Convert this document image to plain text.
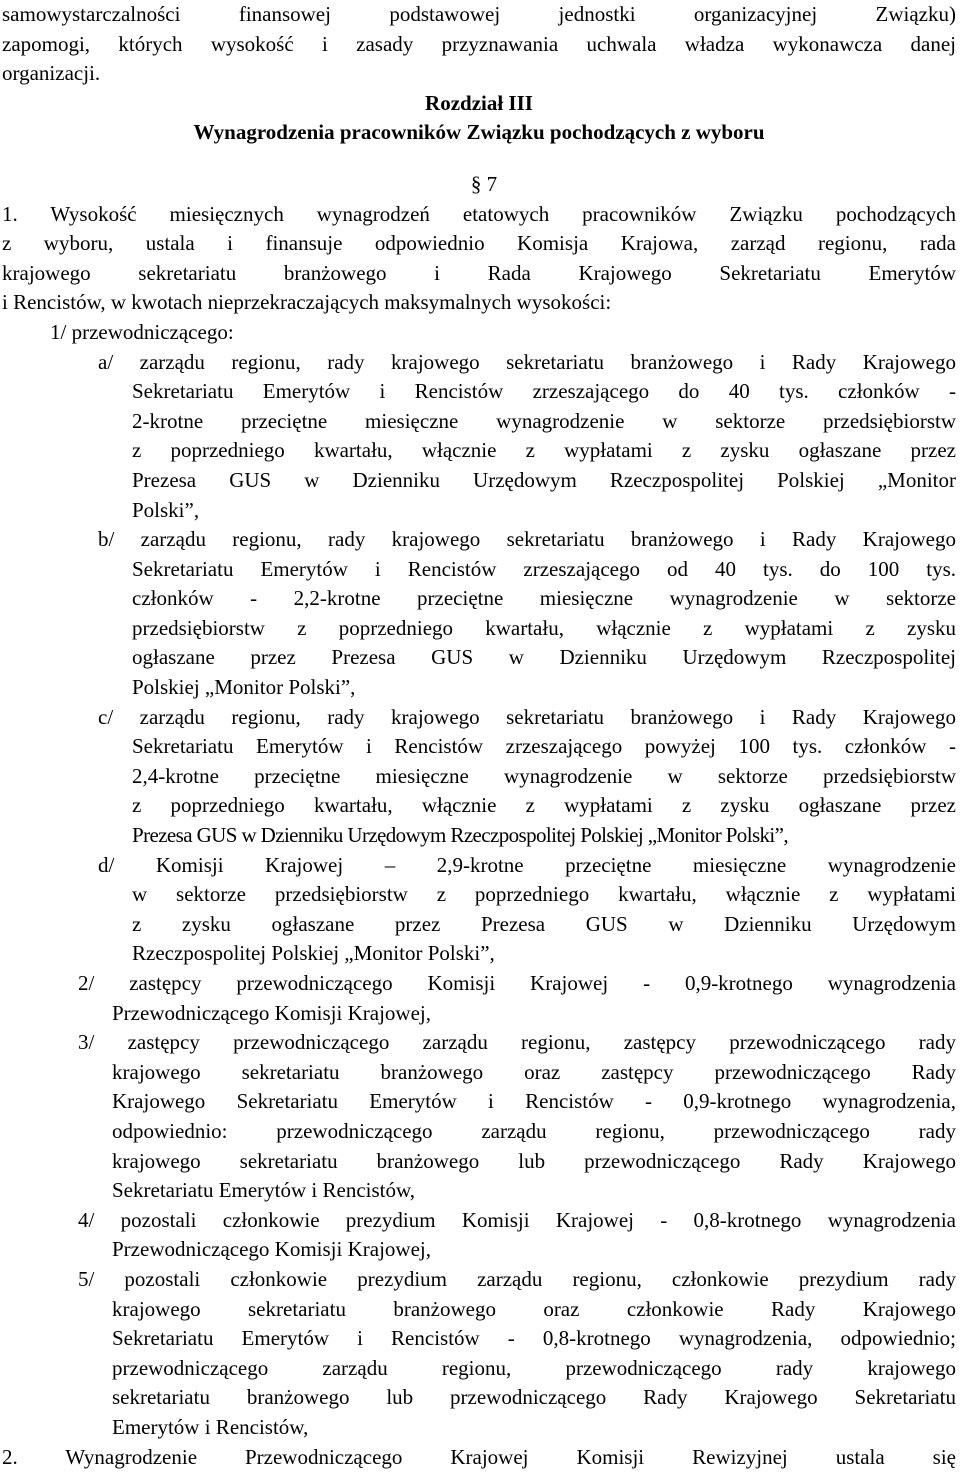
samowystarczalności finansowej podstawowej jednostki organizacyjnej Związku)

zapomogi, których wysokość i zasady przyznawania uchwala władza wykonawcza danej

organizacji.

Rozdział III

Wynagrodzenia pracowników Związku pochodzących z wyboru

§ 7

1. Wysokość miesięcznych wynagrodzeń etatowych pracowników Związku pochodzących

z wyboru, ustala i finansuje odpowiednio Komisja Krajowa, zarząd regionu, rada

krajowego sekretariatu branżowego i Rada Krajowego Sekretariatu Emerytów

i Rencistów, w kwotach nieprzekraczających maksymalnych wysokości:

1/ przewodniczącego:

a/ zarządu regionu, rady krajowego sekretariatu branżowego i Rady Krajowego

Sekretariatu Emerytów i Rencistów zrzeszającego do 40 tys. członków -

2-krotne przeciętne miesięczne wynagrodzenie w sektorze przedsiębiorstw

z poprzedniego kwartału, włącznie z wypłatami z zysku ogłaszane przez

Prezesa GUS w Dzienniku Urzędowym Rzeczpospolitej Polskiej „Monitor

Polski”,

b/ zarządu regionu, rady krajowego sekretariatu branżowego i Rady Krajowego

Sekretariatu Emerytów i Rencistów zrzeszającego od 40 tys. do 100 tys.

członków - 2,2-krotne przeciętne miesięczne wynagrodzenie w sektorze

przedsiębiorstw z poprzedniego kwartału, włącznie z wypłatami z zysku

ogłaszane przez Prezesa GUS w Dzienniku Urzędowym Rzeczpospolitej

Polskiej „Monitor Polski”,

c/ zarządu regionu, rady krajowego sekretariatu branżowego i Rady Krajowego

Sekretariatu Emerytów i Rencistów zrzeszającego powyżej 100 tys. członków -

2,4-krotne przeciętne miesięczne wynagrodzenie w sektorze przedsiębiorstw

z poprzedniego kwartału, włącznie z wypłatami z zysku ogłaszane przez

Prezesa GUS w Dzienniku Urzędowym Rzeczpospolitej Polskiej „Monitor Polski”,

d/ Komisji Krajowej – 2,9-krotne przeciętne miesięczne wynagrodzenie

w sektorze przedsiębiorstw z poprzedniego kwartału, włącznie z wypłatami

z zysku ogłaszane przez Prezesa GUS w Dzienniku Urzędowym

Rzeczpospolitej Polskiej „Monitor Polski”,

2/ zastępcy przewodniczącego Komisji Krajowej - 0,9-krotnego wynagrodzenia

Przewodniczącego Komisji Krajowej,

3/ zastępcy przewodniczącego zarządu regionu, zastępcy przewodniczącego rady

krajowego sekretariatu branżowego oraz zastępcy przewodniczącego Rady

Krajowego Sekretariatu Emerytów i Rencistów - 0,9-krotnego wynagrodzenia,

odpowiednio: przewodniczącego zarządu regionu, przewodniczącego rady

krajowego sekretariatu branżowego lub przewodniczącego Rady Krajowego

Sekretariatu Emerytów i Rencistów,

4/ pozostali członkowie prezydium Komisji Krajowej - 0,8-krotnego wynagrodzenia

Przewodniczącego Komisji Krajowej,

5/ pozostali członkowie prezydium zarządu regionu, członkowie prezydium rady

krajowego sekretariatu branżowego oraz członkowie Rady Krajowego

Sekretariatu Emerytów i Rencistów - 0,8-krotnego wynagrodzenia, odpowiednio;

przewodniczącego zarządu regionu, przewodniczącego rady krajowego

sekretariatu branżowego lub przewodniczącego Rady Krajowego Sekretariatu

Emerytów i Rencistów,

2. Wynagrodzenie Przewodniczącego Krajowej Komisji Rewizyjnej ustala się
